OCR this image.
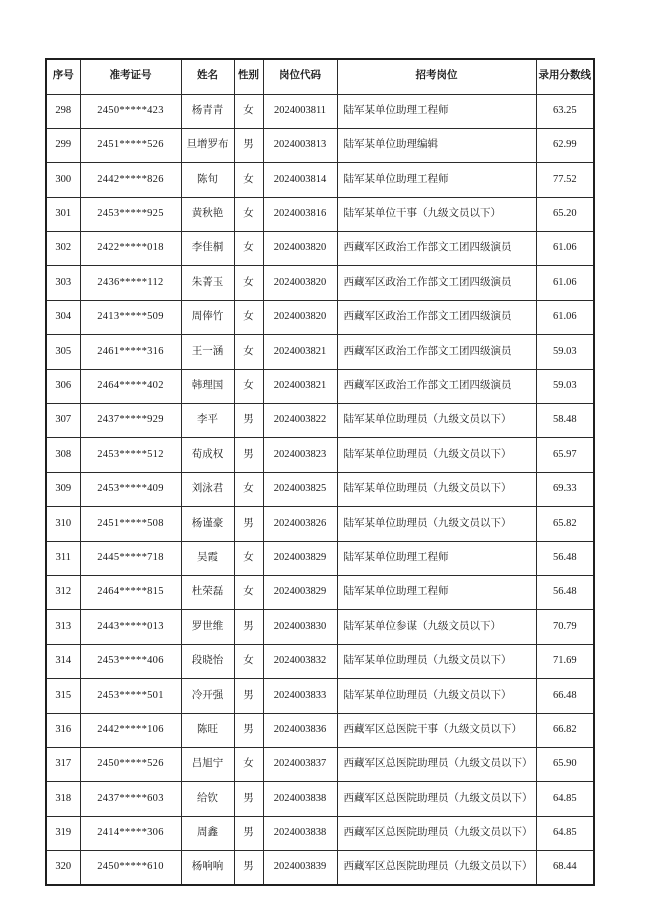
序号	准考证号	姓名	性别	岗位代码	招考岗位	录用分数线
298	2450*****423	杨青青	女	2024003811	陆军某单位助理工程师	63.25
299	2451*****526	旦增罗布	男	2024003813	陆军某单位助理编辑	62.99
300	2442*****826	陈旬	女	2024003814	陆军某单位助理工程师	77.52
301	2453*****925	黄秋艳	女	2024003816	陆军某单位干事（九级文员以下）	65.20
302	2422*****018	李佳桐	女	2024003820	西藏军区政治工作部文工团四级演员	61.06
303	2436*****112	朱菁玉	女	2024003820	西藏军区政治工作部文工团四级演员	61.06
304	2413*****509	周俸竹	女	2024003820	西藏军区政治工作部文工团四级演员	61.06
305	2461*****316	王一涵	女	2024003821	西藏军区政治工作部文工团四级演员	59.03
306	2464*****402	韩理国	女	2024003821	西藏军区政治工作部文工团四级演员	59.03
307	2437*****929	李平	男	2024003822	陆军某单位助理员（九级文员以下）	58.48
308	2453*****512	荀成权	男	2024003823	陆军某单位助理员（九级文员以下）	65.97
309	2453*****409	刘泳君	女	2024003825	陆军某单位助理员（九级文员以下）	69.33
310	2451*****508	杨谨豪	男	2024003826	陆军某单位助理员（九级文员以下）	65.82
311	2445*****718	吴霞	女	2024003829	陆军某单位助理工程师	56.48
312	2464*****815	杜荣磊	女	2024003829	陆军某单位助理工程师	56.48
313	2443*****013	罗世维	男	2024003830	陆军某单位参谋（九级文员以下）	70.79
314	2453*****406	段晓怡	女	2024003832	陆军某单位助理员（九级文员以下）	71.69
315	2453*****501	冷开强	男	2024003833	陆军某单位助理员（九级文员以下）	66.48
316	2442*****106	陈旺	男	2024003836	西藏军区总医院干事（九级文员以下）	66.82
317	2450*****526	吕旭宁	女	2024003837	西藏军区总医院助理员（九级文员以下）	65.90
318	2437*****603	给钦	男	2024003838	西藏军区总医院助理员（九级文员以下）	64.85
319	2414*****306	周鑫	男	2024003838	西藏军区总医院助理员（九级文员以下）	64.85
320	2450*****610	杨响响	男	2024003839	西藏军区总医院助理员（九级文员以下）	68.44
